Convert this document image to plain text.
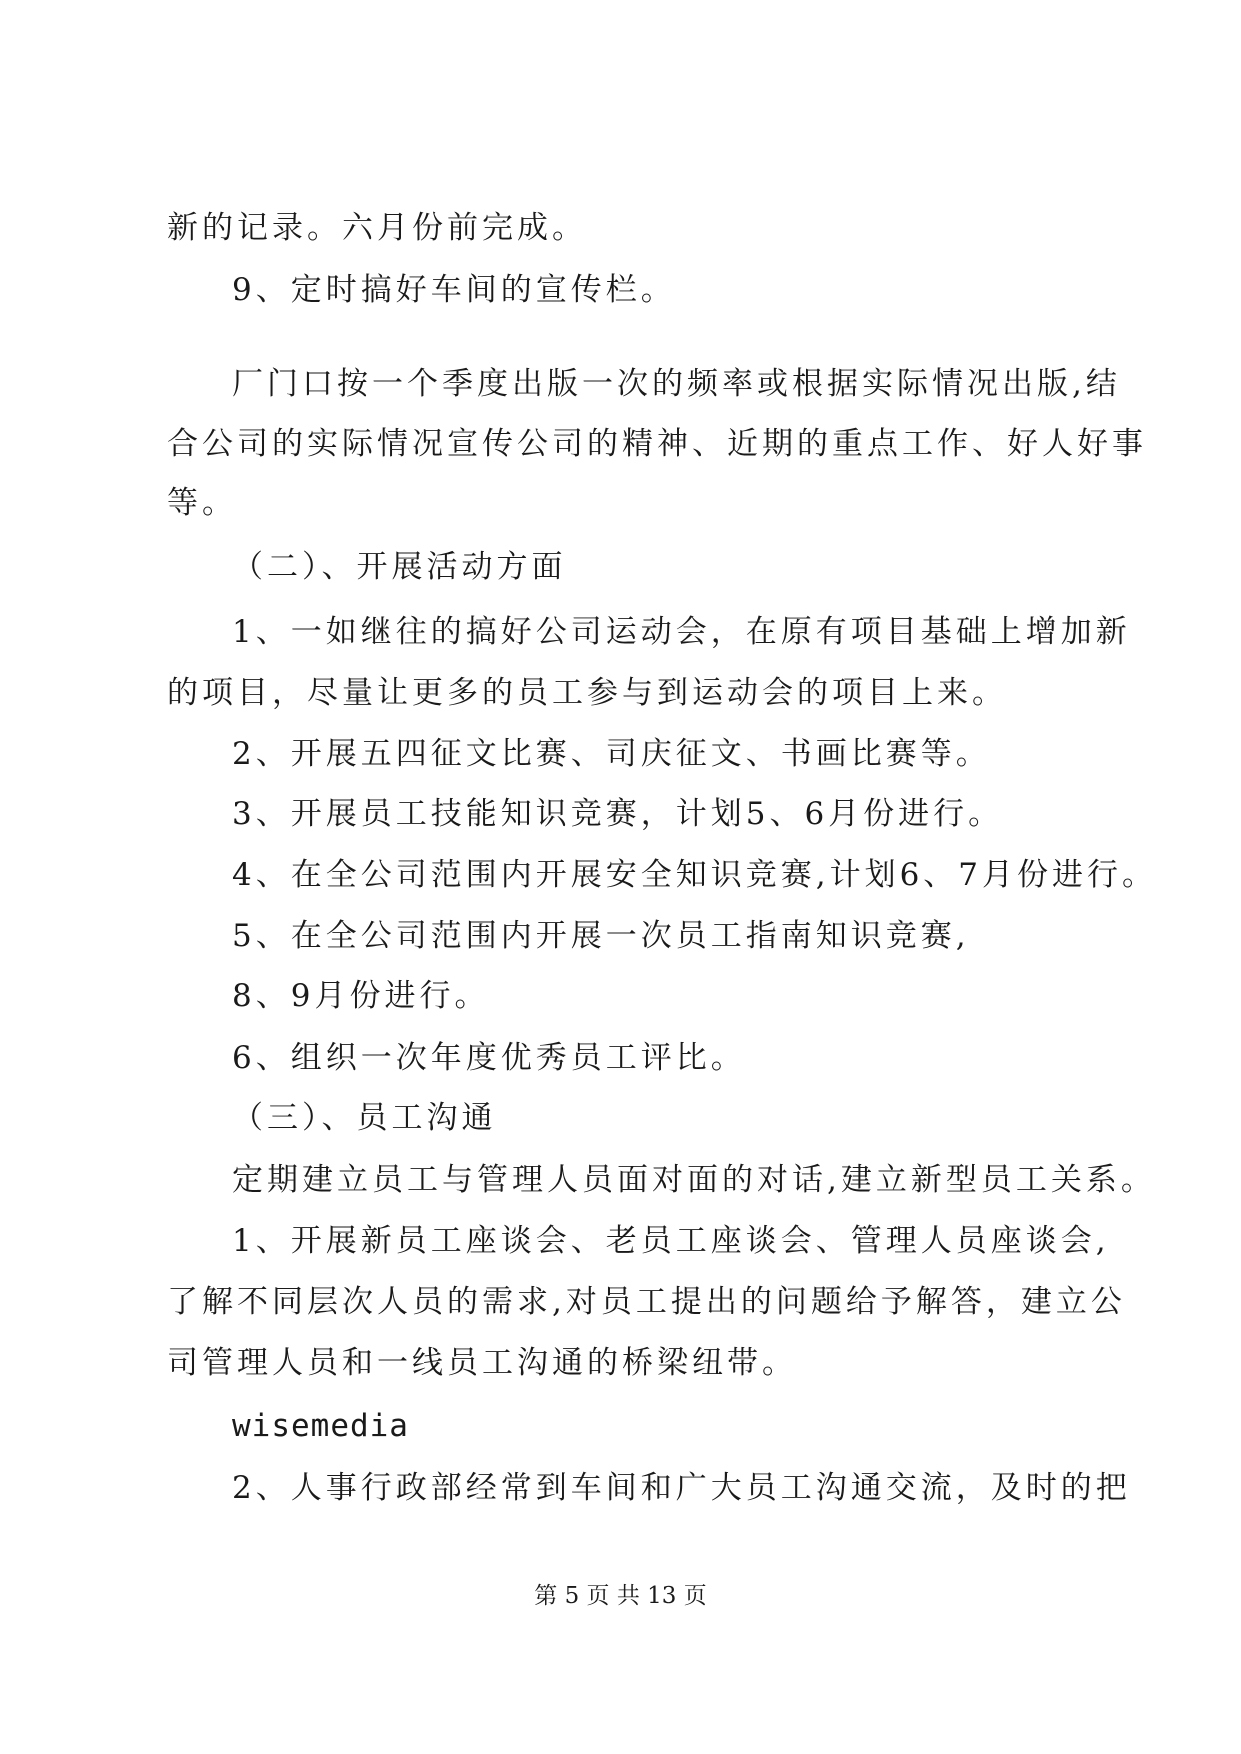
新的记录。六月份前完成。
9、定时搞好车间的宣传栏。
厂门口按一个季度出版一次的频率或根据实际情况出版,结
合公司的实际情况宣传公司的精神、近期的重点工作、好人好事
等。
（二）、开展活动方面
1、一如继往的搞好公司运动会，在原有项目基础上增加新
的项目，尽量让更多的员工参与到运动会的项目上来。
2、开展五四征文比赛、司庆征文、书画比赛等。
3、开展员工技能知识竞赛，计划5、6月份进行。
4、在全公司范围内开展安全知识竞赛,计划6、7月份进行。
5、在全公司范围内开展一次员工指南知识竞赛,
8、9月份进行。
6、组织一次年度优秀员工评比。
（三）、员工沟通
定期建立员工与管理人员面对面的对话,建立新型员工关系。
1、开展新员工座谈会、老员工座谈会、管理人员座谈会,
了解不同层次人员的需求,对员工提出的问题给予解答，建立公
司管理人员和一线员工沟通的桥梁纽带。
wisemedia
2、人事行政部经常到车间和广大员工沟通交流，及时的把
第 5 页 共 13 页
